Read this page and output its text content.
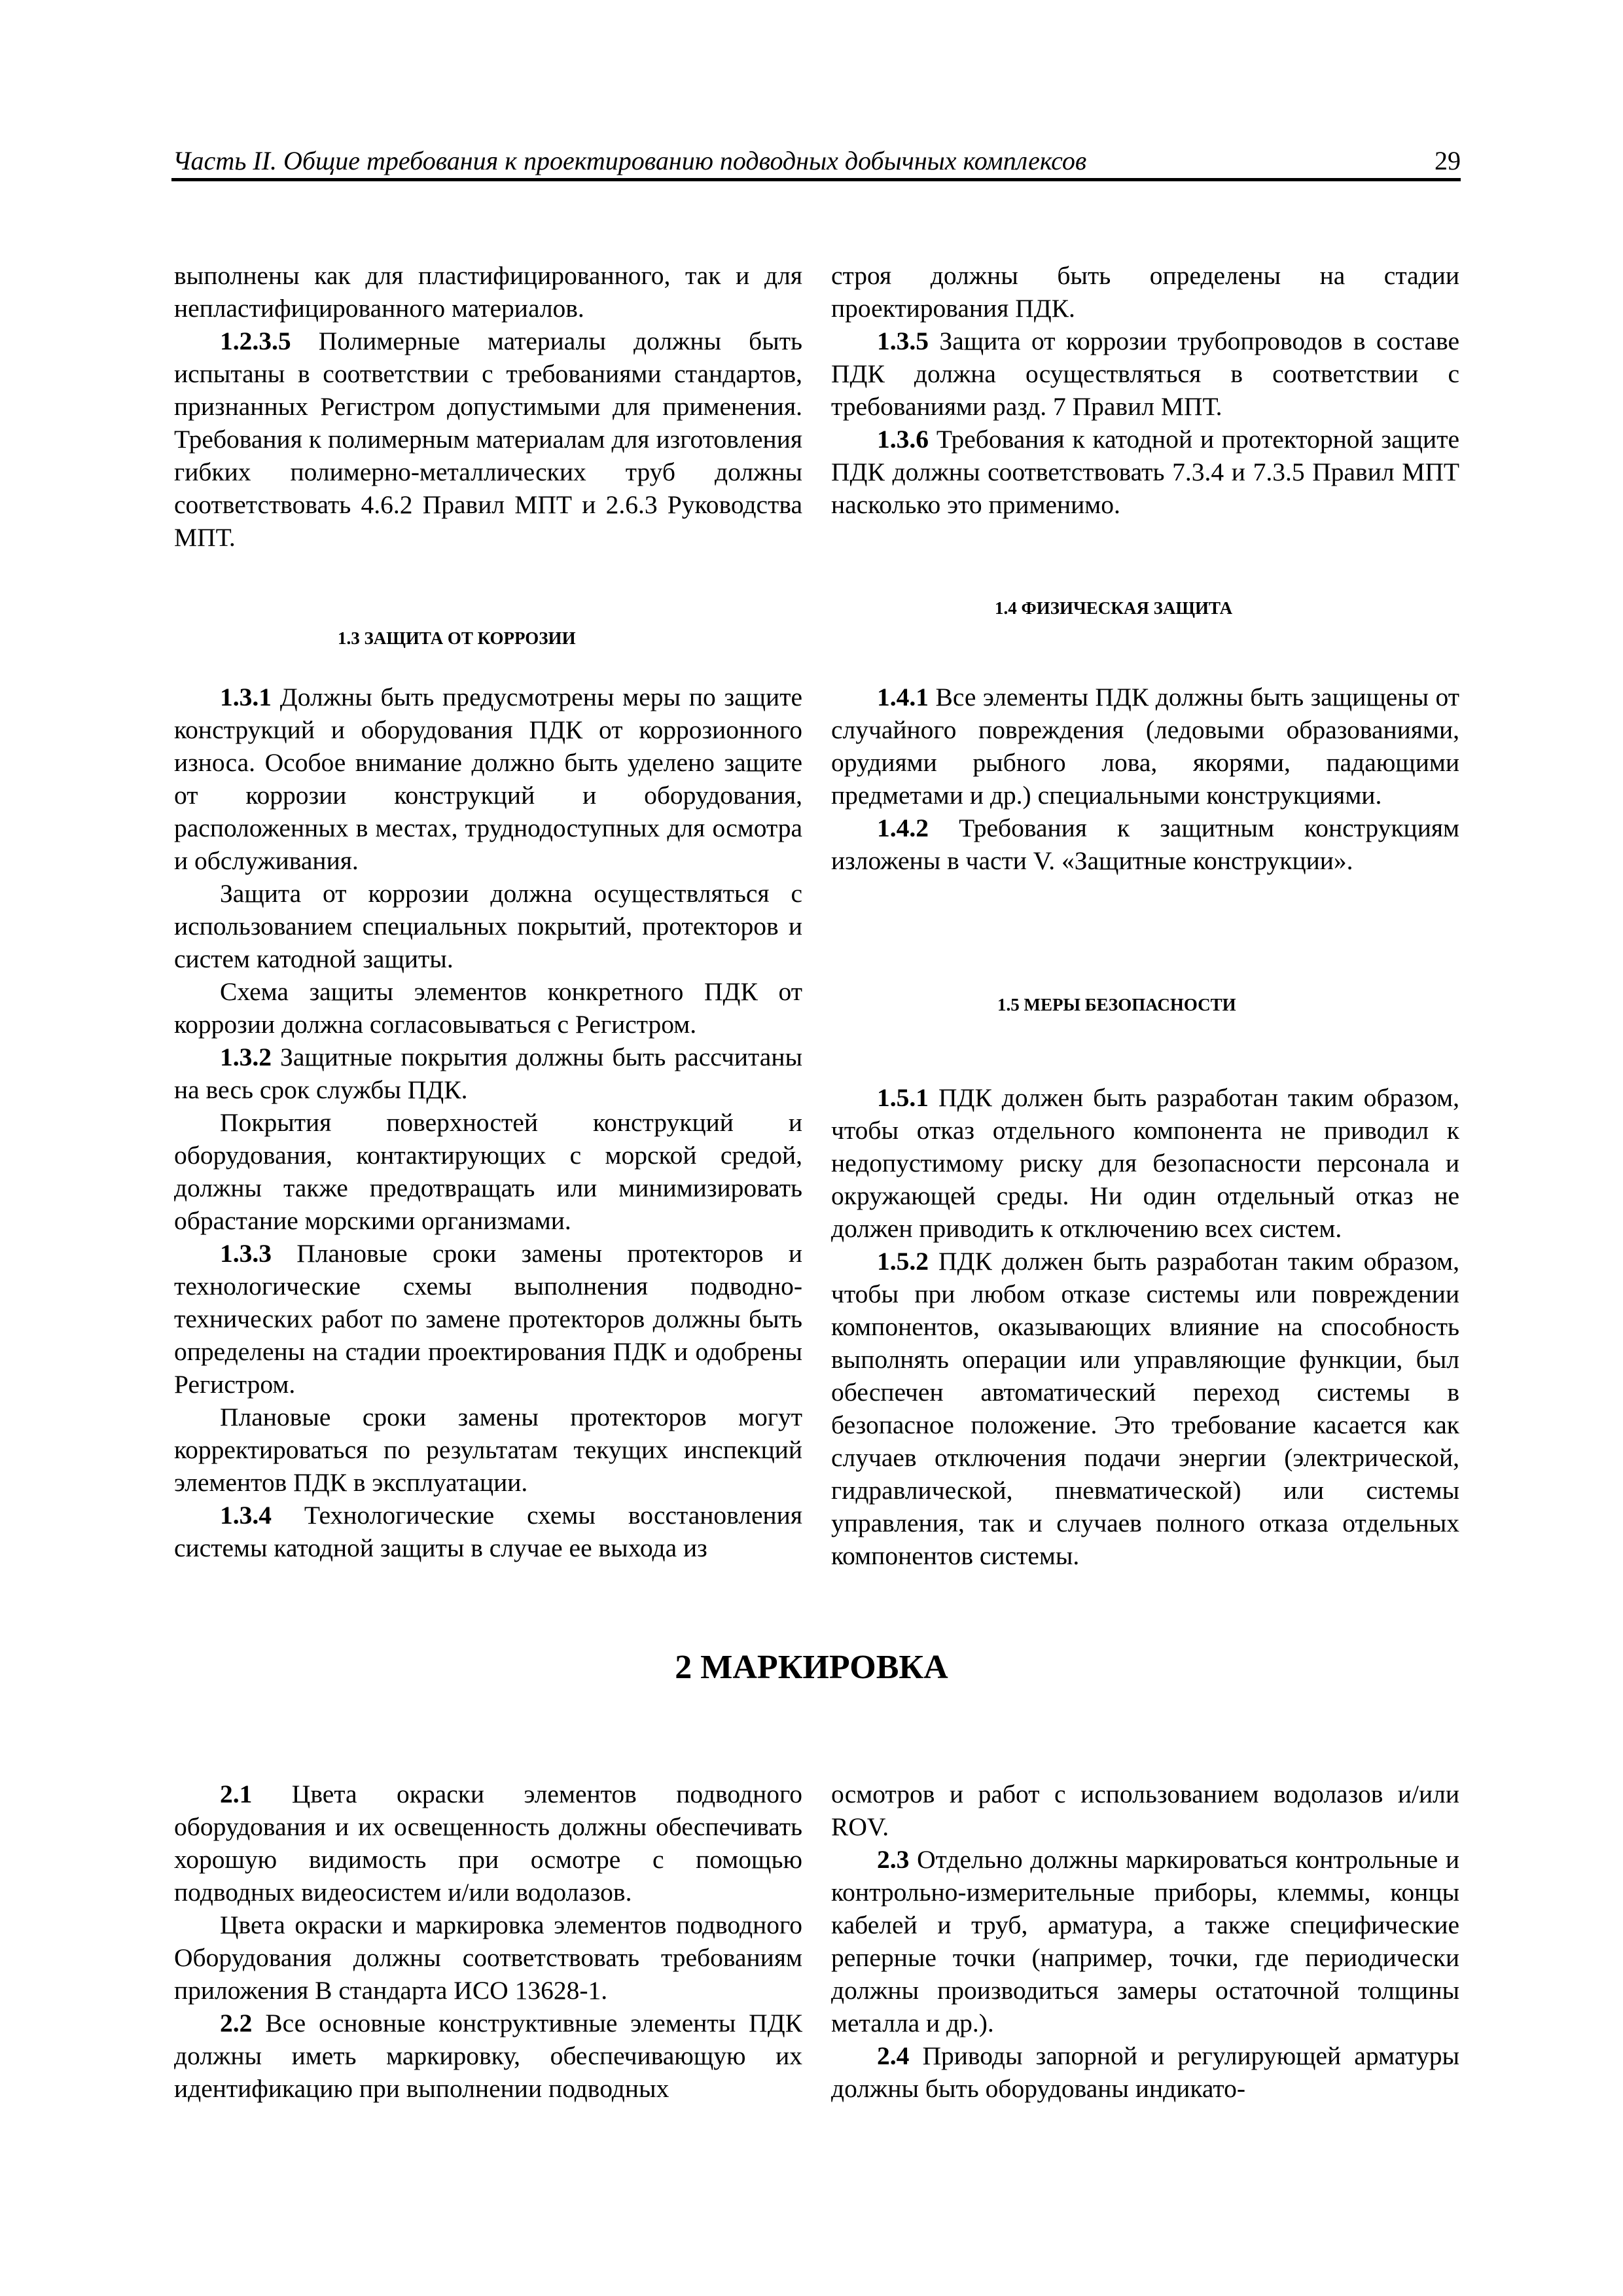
Часть II. Общие требования к проектированию подводных добычных комплексов	29

выполнены как для пластифицированного, так и для непластифицированного материалов.

1.2.3.5 Полимерные материалы должны быть испытаны в соответствии с требованиями стандартов, признанных Регистром допустимыми для применения. Требования к полимерным материалам для изготовления гибких полимерно-металлических труб должны соответствовать 4.6.2 Правил МПТ и 2.6.3 Руководства МПТ.

строя должны быть определены на стадии проектирования ПДК.

1.3.5 Защита от коррозии трубопроводов в составе ПДК должна осуществляться в соответствии с требованиями разд. 7 Правил МПТ.

1.3.6 Требования к катодной и протекторной защите ПДК должны соответствовать 7.3.4 и 7.3.5 Правил МПТ насколько это применимо.

1.3 ЗАЩИТА ОТ КОРРОЗИИ

1.3.1 Должны быть предусмотрены меры по защите конструкций и оборудования ПДК от коррозионного износа. Особое внимание должно быть уделено защите от коррозии конструкций и оборудования, расположенных в местах, труднодоступных для осмотра и обслуживания.

Защита от коррозии должна осуществляться с использованием специальных покрытий, протекторов и систем катодной защиты.

Схема защиты элементов конкретного ПДК от коррозии должна согласовываться с Регистром.

1.3.2 Защитные покрытия должны быть рассчитаны на весь срок службы ПДК.

Покрытия поверхностей конструкций и оборудования, контактирующих с морской средой, должны также предотвращать или минимизировать обрастание морскими организмами.

1.3.3 Плановые сроки замены протекторов и технологические схемы выполнения подводно-технических работ по замене протекторов должны быть определены на стадии проектирования ПДК и одобрены Регистром.

Плановые сроки замены протекторов могут корректироваться по результатам текущих инспекций элементов ПДК в эксплуатации.

1.3.4 Технологические схемы восстановления системы катодной защиты в случае ее выхода из

1.4 ФИЗИЧЕСКАЯ ЗАЩИТА

1.4.1 Все элементы ПДК должны быть защищены от случайного повреждения (ледовыми образованиями, орудиями рыбного лова, якорями, падающими предметами и др.) специальными конструкциями.

1.4.2 Требования к защитным конструкциям изложены в части V. «Защитные конструкции».

1.5 МЕРЫ БЕЗОПАСНОСТИ

1.5.1 ПДК должен быть разработан таким образом, чтобы отказ отдельного компонента не приводил к недопустимому риску для безопасности персонала и окружающей среды. Ни один отдельный отказ не должен приводить к отключению всех систем.

1.5.2 ПДК должен быть разработан таким образом, чтобы при любом отказе системы или повреждении компонентов, оказывающих влияние на способность выполнять операции или управляющие функции, был обеспечен автоматический переход системы в безопасное положение. Это требование касается как случаев отключения подачи энергии (электрической, гидравлической, пневматической) или системы управления, так и случаев полного отказа отдельных компонентов системы.

2 МАРКИРОВКА

2.1 Цвета окраски элементов подводного оборудования и их освещенность должны обеспечивать хорошую видимость при осмотре с помощью подводных видеосистем и/или водолазов.

Цвета окраски и маркировка элементов подводного Оборудования должны соответствовать требованиям приложения В стандарта ИСО 13628-1.

2.2 Все основные конструктивные элементы ПДК должны иметь маркировку, обеспечивающую их идентификацию при выполнении подводных

осмотров и работ с использованием водолазов и/или ROV.

2.3 Отдельно должны маркироваться контрольные и контрольно-измерительные приборы, клеммы, концы кабелей и труб, арматура, а также специфические реперные точки (например, точки, где периодически должны производиться замеры остаточной толщины металла и др.).

2.4 Приводы запорной и регулирующей арматуры должны быть оборудованы индикато-
